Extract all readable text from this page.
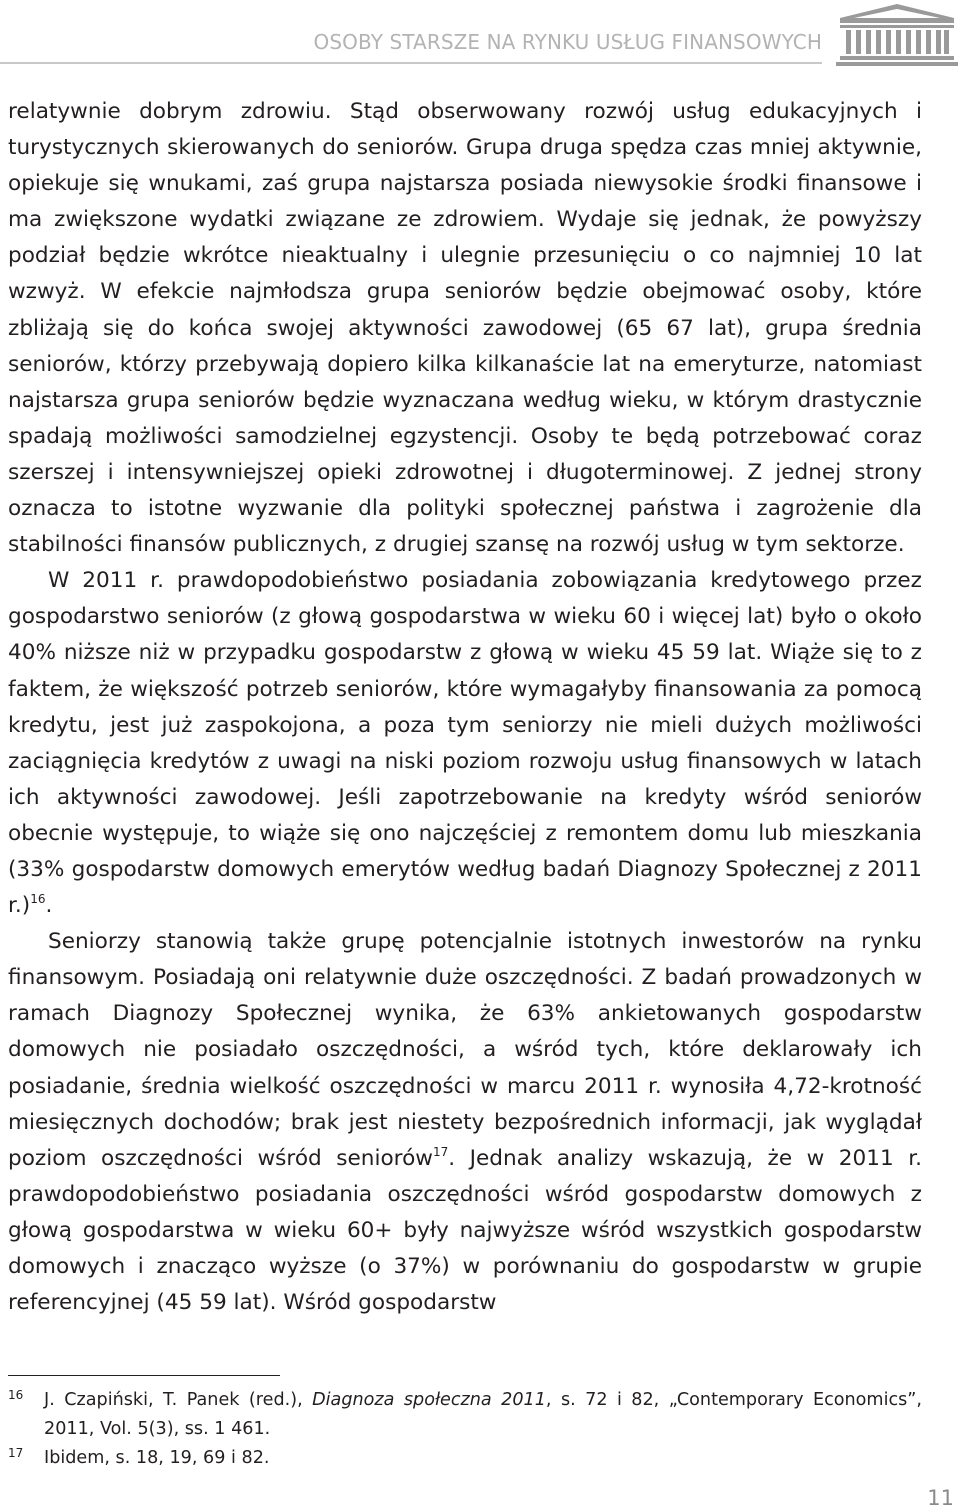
OSOBY STARSZE NA RYNKU USŁUG FINANSOWYCH

relatywnie dobrym zdrowiu. Stąd obserwowany rozwój usług edukacyjnych i turystycznych skierowanych do seniorów. Grupa druga spędza czas mniej aktywnie, opiekuje się wnukami, zaś grupa najstarsza posiada niewysokie środki finansowe i ma zwiększone wydatki związane ze zdrowiem. Wydaje się jednak, że powyższy podział będzie wkrótce nieaktualny i ulegnie przesunięciu o co najmniej 10 lat wzwyż. W efekcie najmłodsza grupa seniorów będzie obejmować osoby, które zbliżają się do końca swojej aktywności zawodowej (65 67 lat), grupa średnia seniorów, którzy przebywają dopiero kilka kilkanaście lat na emeryturze, natomiast najstarsza grupa seniorów będzie wyznaczana według wieku, w którym drastycznie spadają możliwości samodzielnej egzystencji. Osoby te będą potrzebować coraz szerszej i intensywniejszej opieki zdrowotnej i długoterminowej. Z jednej strony oznacza to istotne wyzwanie dla polityki społecznej państwa i zagrożenie dla stabilności finansów publicznych, z drugiej szansę na rozwój usług w tym sektorze.

W 2011 r. prawdopodobieństwo posiadania zobowiązania kredytowego przez gospodarstwo seniorów (z głową gospodarstwa w wieku 60 i więcej lat) było o około 40% niższe niż w przypadku gospodarstw z głową w wieku 45 59 lat. Wiąże się to z faktem, że większość potrzeb seniorów, które wymagałyby finansowania za pomocą kredytu, jest już zaspokojona, a poza tym seniorzy nie mieli dużych możliwości zaciągnięcia kredytów z uwagi na niski poziom rozwoju usług finansowych w latach ich aktywności zawodowej. Jeśli zapotrzebowanie na kredyty wśród seniorów obecnie występuje, to wiąże się ono najczęściej z remontem domu lub mieszkania (33% gospodarstw domowych emerytów według badań Diagnozy Społecznej z 2011 r.)$^{16}$.

Seniorzy stanowią także grupę potencjalnie istotnych inwestorów na rynku finansowym. Posiadają oni relatywnie duże oszczędności. Z badań prowadzonych w ramach Diagnozy Społecznej wynika, że 63% ankietowanych gospodarstw domowych nie posiadało oszczędności, a wśród tych, które deklarowały ich posiadanie, średnia wielkość oszczędności w marcu 2011 r. wynosiła 4,72-krotność miesięcznych dochodów; brak jest niestety bezpośrednich informacji, jak wyglądał poziom oszczędności wśród seniorów$^{17}$. Jednak analizy wskazują, że w 2011 r. prawdopodobieństwo posiadania oszczędności wśród gospodarstw domowych z głową gospodarstwa w wieku 60+ były najwyższe wśród wszystkich gospodarstw domowych i znacząco wyższe (o 37%) w porównaniu do gospodarstw w grupie referencyjnej (45 59 lat). Wśród gospodarstw

16 J. Czapiński, T. Panek (red.), Diagnoza społeczna 2011, s. 72 i 82, „Contemporary Economics”, 2011, Vol. 5(3), ss. 1 461.
17 Ibidem, s. 18, 19, 69 i 82.
11
